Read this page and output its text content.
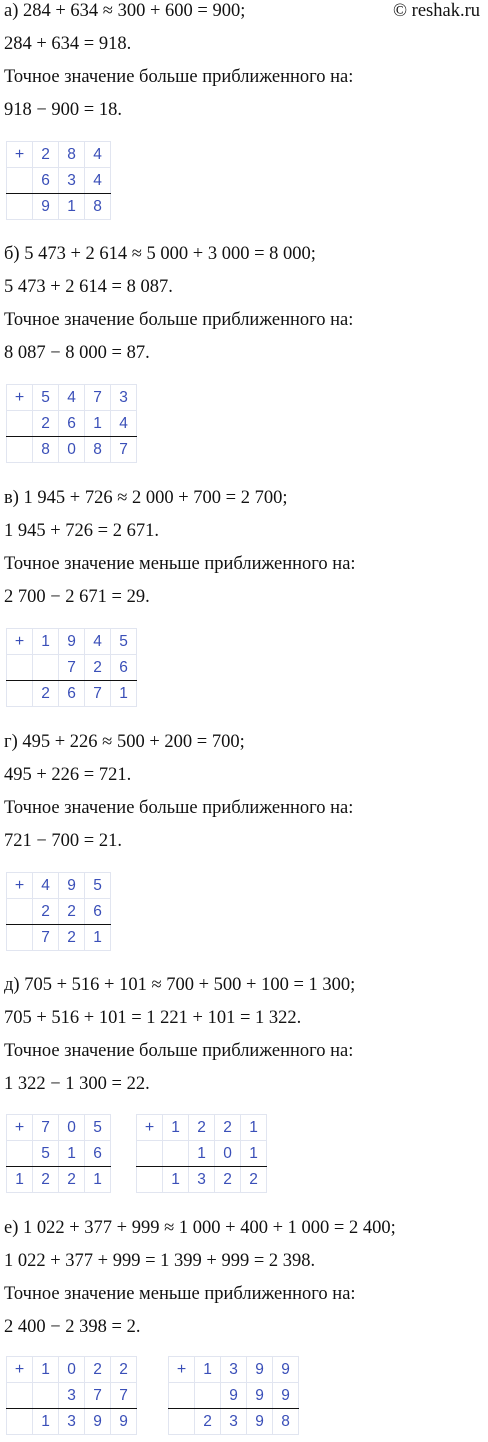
© reshak.ru
а) 284 + 634 ≈ 300 + 600 = 900;
284 + 634 = 918.
Точное значение больше приближенного на:
918 − 900 = 18.
+	2	8	4
	6	3	4
	9	1	8
б) 5 473 + 2 614 ≈ 5 000 + 3 000 = 8 000;
5 473 + 2 614 = 8 087.
Точное значение больше приближенного на:
8 087 − 8 000 = 87.
+	5	4	7	3
	2	6	1	4
	8	0	8	7
в) 1 945 + 726 ≈ 2 000 + 700 = 2 700;
1 945 + 726 = 2 671.
Точное значение меньше приближенного на:
2 700 − 2 671 = 29.
+	1	9	4	5
		7	2	6
	2	6	7	1
г) 495 + 226 ≈ 500 + 200 = 700;
495 + 226 = 721.
Точное значение больше приближенного на:
721 − 700 = 21.
+	4	9	5
	2	2	6
	7	2	1
д) 705 + 516 + 101 ≈ 700 + 500 + 100 = 1 300;
705 + 516 + 101 = 1 221 + 101 = 1 322.
Точное значение больше приближенного на:
1 322 − 1 300 = 22.
+	7	0	5
	5	1	6
1	2	2	1
+	1	2	2	1
		1	0	1
	1	3	2	2
е) 1 022 + 377 + 999 ≈ 1 000 + 400 + 1 000 = 2 400;
1 022 + 377 + 999 = 1 399 + 999 = 2 398.
Точное значение меньше приближенного на:
2 400 − 2 398 = 2.
+	1	0	2	2
		3	7	7
	1	3	9	9
+	1	3	9	9
		9	9	9
	2	3	9	8
